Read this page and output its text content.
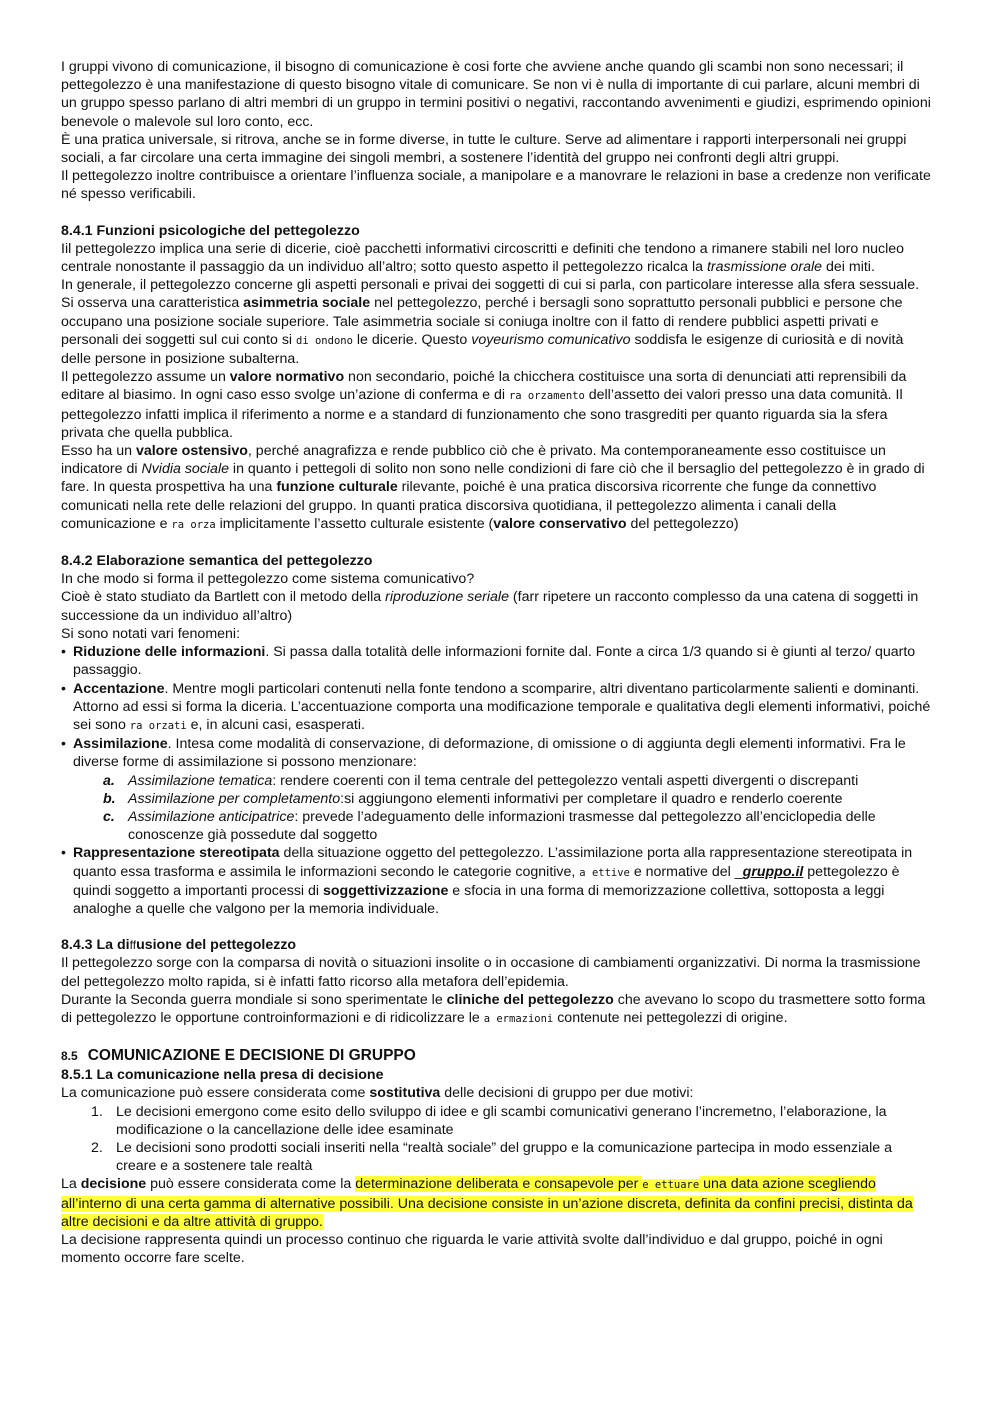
I gruppi vivono di comunicazione, il bisogno di comunicazione è cosi forte che avviene anche quando gli scambi non sono necessari; il pettegolezzo è una manifestazione di questo bisogno vitale di comunicare. Se non vi è nulla di importante di cui parlare, alcuni membri di un gruppo spesso parlano di altri membri di un gruppo in termini positivi o negativi, raccontando avvenimenti e giudizi, esprimendo opinioni benevole o malevole sul loro conto, ecc.

È una pratica universale, si ritrova, anche se in forme diverse, in tutte le culture. Serve ad alimentare i rapporti interpersonali nei gruppi sociali, a far circolare una certa immagine dei singoli membri, a sostenere l’identità del gruppo nei confronti degli altri gruppi.

Il pettegolezzo inoltre contribuisce a orientare l’influenza sociale, a manipolare e a manovrare le relazioni in base a credenze non verificate né spesso verificabili.

8.4.1 Funzioni psicologiche del pettegolezzo

Iil pettegolezzo implica una serie di dicerie, cioè pacchetti informativi circoscritti e definiti che tendono a rimanere stabili nel loro nucleo centrale nonostante il passaggio da un individuo all’altro; sotto questo aspetto il pettegolezzo ricalca la trasmissione orale dei miti.

In generale, il pettegolezzo concerne gli aspetti personali e privai dei soggetti di cui si parla, con particolare interesse alla sfera sessuale. Si osserva una caratteristica asimmetria sociale nel pettegolezzo, perché i bersagli sono soprattutto personali pubblici e persone che occupano una posizione sociale superiore. Tale asimmetria sociale si coniuga inoltre con il fatto di rendere pubblici aspetti privati e personali dei soggetti sul cui conto si di ondono le dicerie. Questo voyeurismo comunicativo soddisfa le esigenze di curiosità e di novità delle persone in posizione subalterna.

Il pettegolezzo assume un valore normativo non secondario, poiché la chicchera costituisce una sorta di denunciati atti reprensibili da editare al biasimo. In ogni caso esso svolge un’azione di conferma e di ra orzamento dell’assetto dei valori presso una data comunità. Il pettegolezzo infatti implica il riferimento a norme e a standard di funzionamento che sono trasgrediti per quanto riguarda sia la sfera privata che quella pubblica.

Esso ha un valore ostensivo, perché anagrafizza e rende pubblico ciò che è privato. Ma contemporaneamente esso costituisce un indicatore di Nvidia sociale in quanto i pettegoli di solito non sono nelle condizioni di fare ciò che il bersaglio del pettegolezzo è in grado di fare. In questa prospettiva ha una funzione culturale rilevante, poiché è una pratica discorsiva ricorrente che funge da connettivo comunicati nella rete delle relazioni del gruppo. In quanti pratica discorsiva quotidiana, il pettegolezzo alimenta i canali della comunicazione e ra orza implicitamente l’assetto culturale esistente (valore conservativo del pettegolezzo)

8.4.2 Elaborazione semantica del pettegolezzo

In che modo si forma il pettegolezzo come sistema comunicativo?

Cioè è stato studiato da Bartlett con il metodo della riproduzione seriale (farr ripetere un racconto complesso da una catena di soggetti in successione da un individuo all’altro)

Si sono notati vari fenomeni:

• Riduzione delle informazioni. Si passa dalla totalità delle informazioni fornite dal. Fonte a circa 1/3 quando si è giunti al terzo/ quarto passaggio.
• Accentazione. Mentre mogli particolari contenuti nella fonte tendono a scomparire, altri diventano particolarmente salienti e dominanti. Attorno ad essi si forma la diceria. L’accentuazione comporta una modificazione temporale e qualitativa degli elementi informativi, poiché sei sono ra orzati e, in alcuni casi, esasperati.
• Assimilazione. Intesa come modalità di conservazione, di deformazione, di omissione o di aggiunta degli elementi informativi. Fra le diverse forme di assimilazione si possono menzionare:
a. Assimilazione tematica: rendere coerenti con il tema centrale del pettegolezzo ventali aspetti divergenti o discrepanti
b. Assimilazione per completamento:si aggiungono elementi informativi per completare il quadro e renderlo coerente
c. Assimilazione anticipatrice: prevede l’adeguamento delle informazioni trasmesse dal pettegolezzo all’enciclopedia delle conoscenze già possedute dal soggetto
• Rappresentazione stereotipata della situazione oggetto del pettegolezzo. L’assimilazione porta alla rappresentazione stereotipata in quanto essa trasforma e assimila le informazioni secondo le categorie cognitive, a ettive e normative del _gruppo.il pettegolezzo è quindi soggetto a importanti processi di soggettivizzazione e sfocia in una forma di memorizzazione collettiva, sottoposta a leggi analoghe a quelle che valgono per la memoria individuale.
8.4.3 La diffusione del pettegolezzo

Il pettegolezzo sorge con la comparsa di novità o situazioni insolite o in occasione di cambiamenti organizzativi. Di norma la trasmissione del pettegolezzo molto rapida, si è infatti fatto ricorso alla metafora dell’epidemia.

Durante la Seconda guerra mondiale si sono sperimentate le cliniche del pettegolezzo che avevano lo scopo du trasmettere sotto forma di pettegolezzo le opportune controinformazioni e di ridicolizzare le a ermazioni contenute nei pettegolezzi di origine.

8.5 COMUNICAZIONE E DECISIONE DI GRUPPO
8.5.1 La comunicazione nella presa di decisione

La comunicazione può essere considerata come sostitutiva delle decisioni di gruppo per due motivi:

1. Le decisioni emergono come esito dello sviluppo di idee e gli scambi comunicativi generano l’incremetno, l’elaborazione, la modificazione o la cancellazione delle idee esaminate
2. Le decisioni sono prodotti sociali inseriti nella “realtà sociale” del gruppo e la comunicazione partecipa in modo essenziale a creare e a sostenere tale realtà

La decisione può essere considerata come la determinazione deliberata e consapevole per e ettuare una data azione scegliendo all’interno di una certa gamma di alternative possibili. Una decisione consiste in un’azione discreta, definita da confini precisi, distinta da altre decisioni e da altre attività di gruppo.

La decisione rappresenta quindi un processo continuo che riguarda le varie attività svolte dall’individuo e dal gruppo, poiché in ogni momento occorre fare scelte.
